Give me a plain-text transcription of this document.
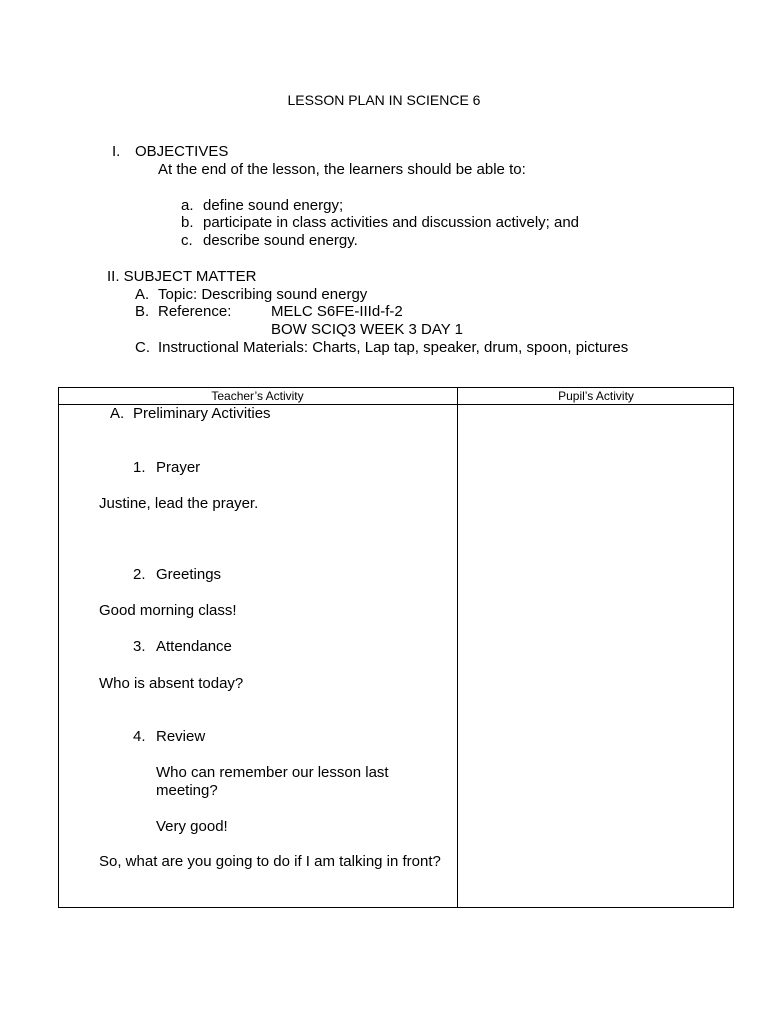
LESSON PLAN IN SCIENCE 6
I. OBJECTIVES
At the end of the lesson, the learners should be able to:
a. define sound energy;
b. participate in class activities and discussion actively; and
c. describe sound energy.
II. SUBJECT MATTER
A. Topic: Describing sound energy
B. Reference:	MELC S6FE-IIId-f-2
BOW SCIQ3 WEEK 3 DAY 1
C. Instructional Materials: Charts, Lap tap, speaker, drum, spoon, pictures
Teacher’s Activity	Pupil’s Activity
A. Preliminary Activities
1. Prayer
Justine, lead the prayer.
2. Greetings
Good morning class!
3. Attendance
Who is absent today?
4. Review
Who can remember our lesson last
meeting?
Very good!
So, what are you going to do if I am talking in front?
